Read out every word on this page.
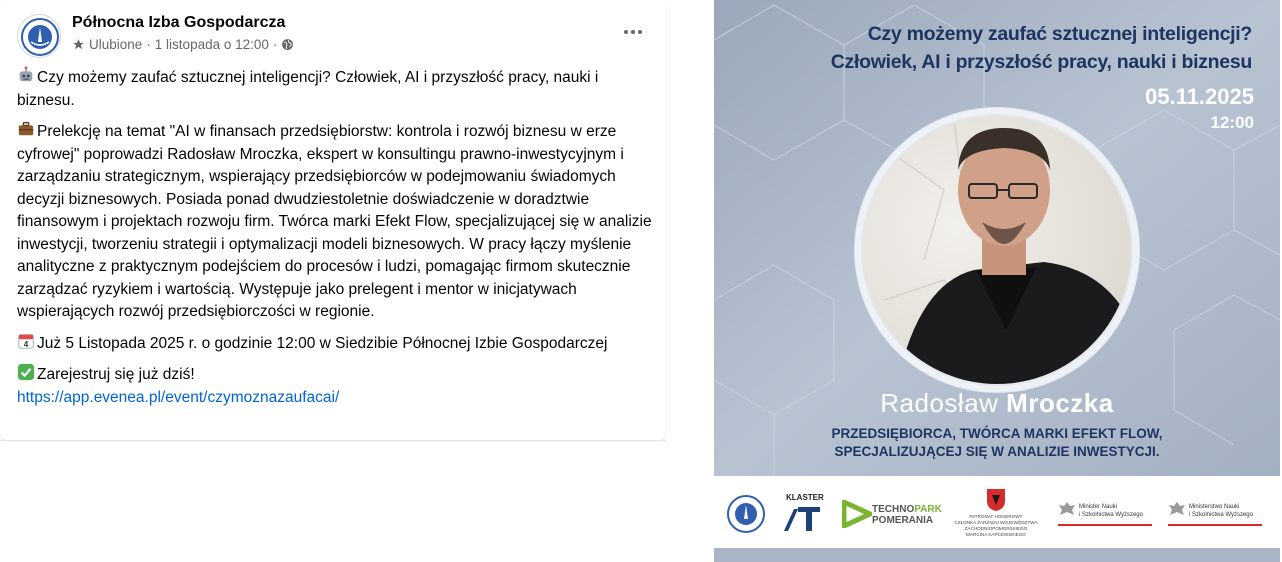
Północna Izba Gospodarcza
Ulubione · 1 listopada o 12:00 ·

Czy możemy zaufać sztucznej inteligencji? Człowiek, AI i przyszłość pracy, nauki i biznesu.

Prelekcję na temat "AI w finansach przedsiębiorstw: kontrola i rozwój biznesu w erze cyfrowej" poprowadzi Radosław Mroczka, ekspert w konsultingu prawno-inwestycyjnym i zarządzaniu strategicznym, wspierający przedsiębiorców w podejmowaniu świadomych decyzji biznesowych. Posiada ponad dwudziestoletnie doświadczenie w doradztwie finansowym i projektach rozwoju firm. Twórca marki Efekt Flow, specjalizującej się w analizie inwestycji, tworzeniu strategii i optymalizacji modeli biznesowych. W pracy łączy myślenie analityczne z praktycznym podejściem do procesów i ludzi, pomagając firmom skutecznie zarządzać ryzykiem i wartością. Występuje jako prelegent i mentor w inicjatywach wspierających rozwój przedsiębiorczości w regionie.

4 Już 5 Listopada 2025 r. o godzinie 12:00 w Siedzibie Północnej Izbie Gospodarczej

Zarejestruj się już dziś!

https://app.evenea.pl/event/czymoznazaufacai/
Czy możemy zaufać sztucznej inteligencji?
Człowiek, AI i przyszłość pracy, nauki i biznesu
05.11.2025
12:00
Radosław Mroczka
PRZEDSIĘBIORCA, TWÓRCA MARKI EFEKT FLOW,
SPECJALIZUJĄCEJ SIĘ W ANALIZIE INWESTYCJI.
KLASTER
TECHNOPARK
POMERANIA	PATRONAT HONOROWY
CZŁONKA ZARZĄDU WOJEWÓDZTWA
ZACHODNIOPOMORSKIEGO
MARCINA KAPCEWSKIEGO
Minister Nauki
i Szkolnictwa Wyższego
Ministerstwo Nauki
i Szkolnictwa Wyższego
